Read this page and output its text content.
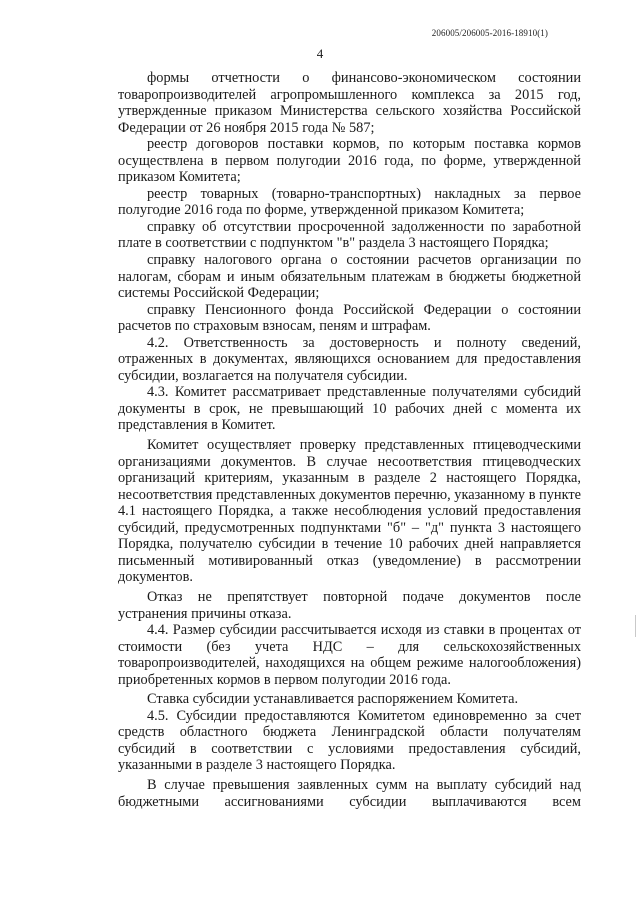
206005/206005-2016-18910(1)
4

формы отчетности о финансово-экономическом состоянии товаропроизводителей агропромышленного комплекса за 2015 год, утвержденные приказом Министерства сельского хозяйства Российской Федерации от 26 ноября 2015 года № 587;

реестр договоров поставки кормов, по которым поставка кормов осуществлена в первом полугодии 2016 года, по форме, утвержденной приказом Комитета;

реестр товарных (товарно-транспортных) накладных за первое полугодие 2016 года по форме, утвержденной приказом Комитета;

справку об отсутствии просроченной задолженности по заработной плате в соответствии с подпунктом "в" раздела 3 настоящего Порядка;

справку налогового органа о состоянии расчетов организации по налогам, сборам и иным обязательным платежам в бюджеты бюджетной системы Российской Федерации;

справку Пенсионного фонда Российской Федерации о состоянии расчетов по страховым взносам, пеням и штрафам.

4.2. Ответственность за достоверность и полноту сведений, отраженных в документах, являющихся основанием для предоставления субсидии, возлагается на получателя субсидии.

4.3. Комитет рассматривает представленные получателями субсидий документы в срок, не превышающий 10 рабочих дней с момента их представления в Комитет.

Комитет осуществляет проверку представленных птицеводческими организациями документов. В случае несоответствия птицеводческих организаций критериям, указанным в разделе 2 настоящего Порядка, несоответствия представленных документов перечню, указанному в пункте 4.1 настоящего Порядка, а также несоблюдения условий предоставления субсидий, предусмотренных подпунктами "б" – "д" пункта 3 настоящего Порядка, получателю субсидии в течение 10 рабочих дней направляется письменный мотивированный отказ (уведомление) в рассмотрении документов.

Отказ не препятствует повторной подаче документов после устранения причины отказа.

4.4. Размер субсидии рассчитывается исходя из ставки в процентах от стоимости (без учета НДС – для сельскохозяйственных товаропроизводителей, находящихся на общем режиме налогообложения) приобретенных кормов в первом полугодии 2016 года.

Ставка субсидии устанавливается распоряжением Комитета.

4.5. Субсидии предоставляются Комитетом единовременно за счет средств областного бюджета Ленинградской области получателям субсидий в соответствии с условиями предоставления субсидий, указанными в разделе 3 настоящего Порядка.

В случае превышения заявленных сумм на выплату субсидий над бюджетными ассигнованиями субсидии выплачиваются всем
